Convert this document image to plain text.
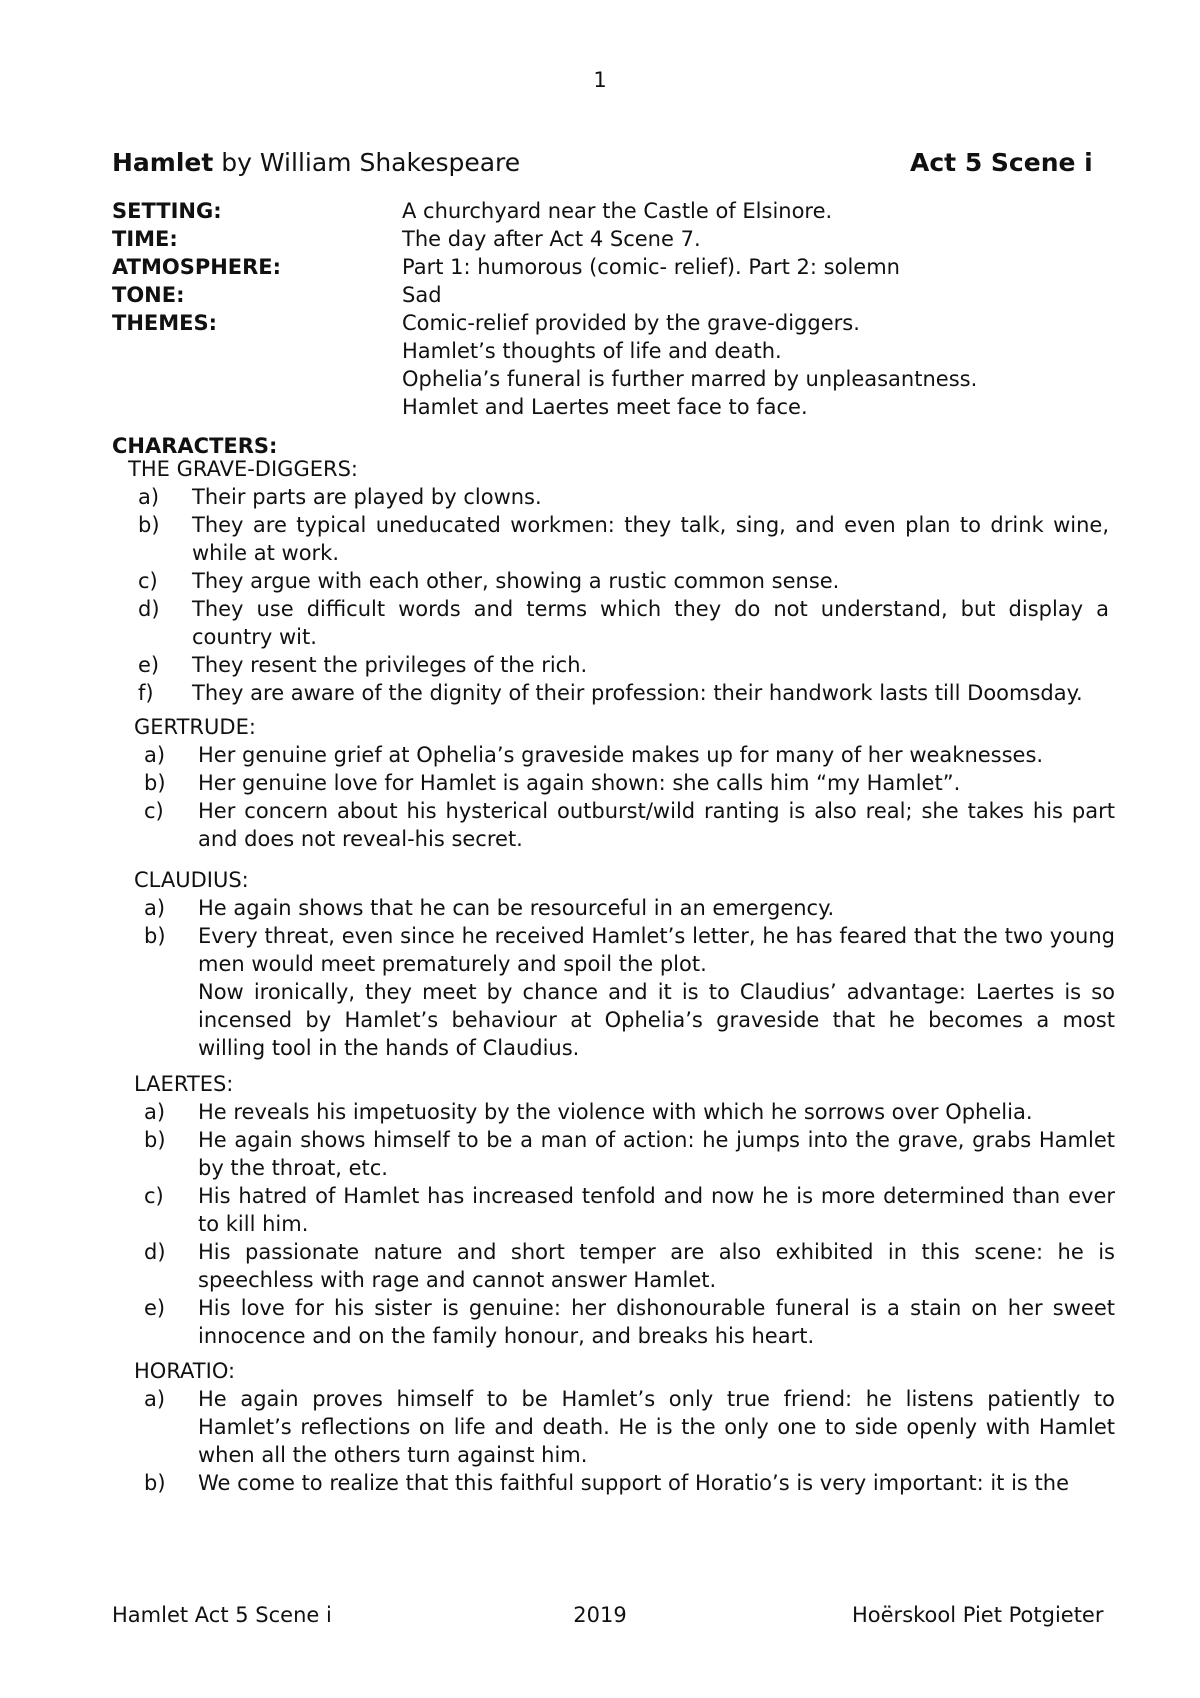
1
Hamlet by William Shakespeare	Act 5 Scene i
SETTING:	A churchyard near the Castle of Elsinore.
TIME:	The day after Act 4 Scene 7.
ATMOSPHERE:	Part 1: humorous (comic- relief). Part 2: solemn
TONE:	Sad
THEMES:	Comic-relief provided by the grave-diggers.
Hamlet’s thoughts of life and death.
Ophelia’s funeral is further marred by unpleasantness.
Hamlet and Laertes meet face to face.
CHARACTERS:
THE GRAVE-DIGGERS:
a)	Their parts are played by clowns.
b)	They are typical uneducated workmen: they talk, sing, and even plan to drink wine, while at work.
c)	They argue with each other, showing a rustic common sense.
d)	They use difficult words and terms which they do not understand, but display a country wit.
e)	They resent the privileges of the rich.
f)	They are aware of the dignity of their profession: their handwork lasts till Doomsday.
GERTRUDE:
a)	Her genuine grief at Ophelia’s graveside makes up for many of her weaknesses.
b)	Her genuine love for Hamlet is again shown: she calls him “my Hamlet”.
c)	Her concern about his hysterical outburst/wild ranting is also real; she takes his part and does not reveal-his secret.
CLAUDIUS:
a)	He again shows that he can be resourceful in an emergency.
b)	Every threat, even since he received Hamlet’s letter, he has feared that the two young men would meet prematurely and spoil the plot.
Now ironically, they meet by chance and it is to Claudius’ advantage: Laertes is so incensed by Hamlet’s behaviour at Ophelia’s graveside that he becomes a most willing tool in the hands of Claudius.
LAERTES:
a)	He reveals his impetuosity by the violence with which he sorrows over Ophelia.
b)	He again shows himself to be a man of action: he jumps into the grave, grabs Hamlet by the throat, etc.
c)	His hatred of Hamlet has increased tenfold and now he is more determined than ever to kill him.
d)	His passionate nature and short temper are also exhibited in this scene: he is speechless with rage and cannot answer Hamlet.
e)	His love for his sister is genuine: her dishonourable funeral is a stain on her sweet innocence and on the family honour, and breaks his heart.
HORATIO:
a)	He again proves himself to be Hamlet’s only true friend: he listens patiently to Hamlet’s reflections on life and death. He is the only one to side openly with Hamlet when all the others turn against him.
b)	We come to realize that this faithful support of Horatio’s is very important: it is the
Hamlet Act 5 Scene i	2019	Hoërskool Piet Potgieter
